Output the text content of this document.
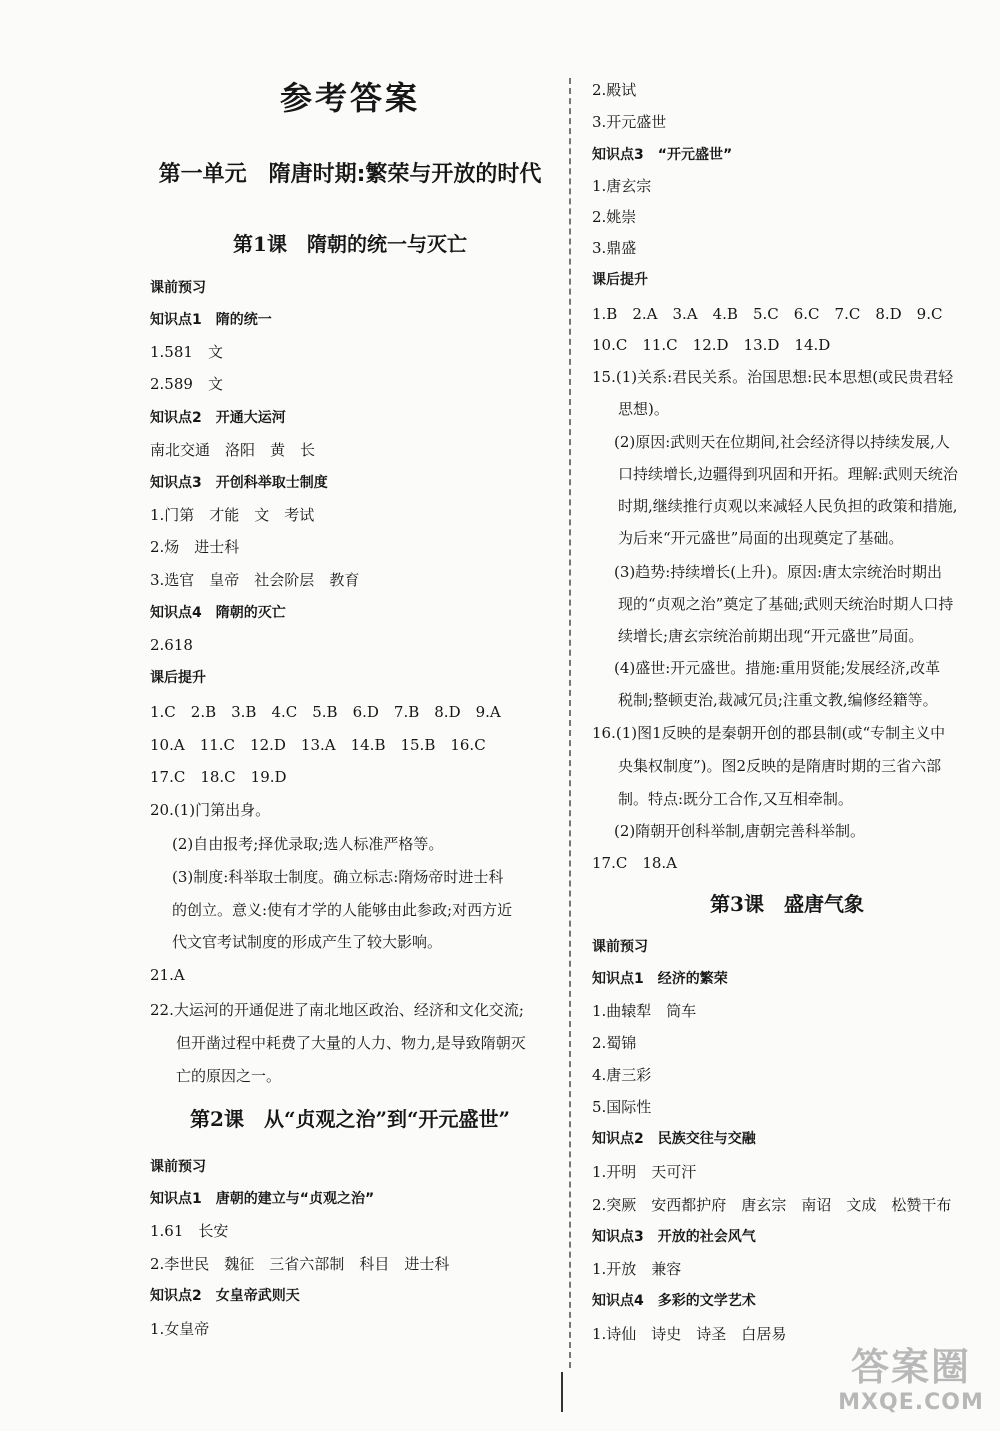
参考答案
第一单元　隋唐时期:繁荣与开放的时代
第1课　隋朝的统一与灭亡
课前预习
知识点1　隋的统一
1.581　文
2.589　文
知识点2　开通大运河
南北交通　洛阳　黄　长
知识点3　开创科举取士制度
1.门第　才能　文　考试
2.炀　进士科
3.选官　皇帝　社会阶层　教育
知识点4　隋朝的灭亡
2.618
课后提升
1.C　2.B　3.B　4.C　5.B　6.D　7.B　8.D　9.A
10.A　11.C　12.D　13.A　14.B　15.B　16.C
17.C　18.C　19.D
20.(1)门第出身。
(2)自由报考;择优录取;选人标准严格等。
(3)制度:科举取士制度。确立标志:隋炀帝时进士科
的创立。意义:使有才学的人能够由此参政;对西方近
代文官考试制度的形成产生了较大影响。
21.A
22.大运河的开通促进了南北地区政治、经济和文化交流;
但开凿过程中耗费了大量的人力、物力,是导致隋朝灭
亡的原因之一。
第2课　从“贞观之治”到“开元盛世”
课前预习
知识点1　唐朝的建立与“贞观之治”
1.61　长安
2.李世民　魏征　三省六部制　科目　进士科
知识点2　女皇帝武则天
1.女皇帝
2.殿试
3.开元盛世
知识点3　“开元盛世”
1.唐玄宗
2.姚崇
3.鼎盛
课后提升
1.B　2.A　3.A　4.B　5.C　6.C　7.C　8.D　9.C
10.C　11.C　12.D　13.D　14.D
15.(1)关系:君民关系。治国思想:民本思想(或民贵君轻
思想)。
(2)原因:武则天在位期间,社会经济得以持续发展,人
口持续增长,边疆得到巩固和开拓。理解:武则天统治
时期,继续推行贞观以来减轻人民负担的政策和措施,
为后来“开元盛世”局面的出现奠定了基础。
(3)趋势:持续增长(上升)。原因:唐太宗统治时期出
现的“贞观之治”奠定了基础;武则天统治时期人口持
续增长;唐玄宗统治前期出现“开元盛世”局面。
(4)盛世:开元盛世。措施:重用贤能;发展经济,改革
税制;整顿吏治,裁减冗员;注重文教,编修经籍等。
16.(1)图1反映的是秦朝开创的郡县制(或“专制主义中
央集权制度”)。图2反映的是隋唐时期的三省六部
制。特点:既分工合作,又互相牵制。
(2)隋朝开创科举制,唐朝完善科举制。
17.C　18.A
第3课　盛唐气象
课前预习
知识点1　经济的繁荣
1.曲辕犁　筒车
2.蜀锦
4.唐三彩
5.国际性
知识点2　民族交往与交融
1.开明　天可汗
2.突厥　安西都护府　唐玄宗　南诏　文成　松赞干布
知识点3　开放的社会风气
1.开放　兼容
知识点4　多彩的文学艺术
1.诗仙　诗史　诗圣　白居易
答案圈
MXQE.COM
